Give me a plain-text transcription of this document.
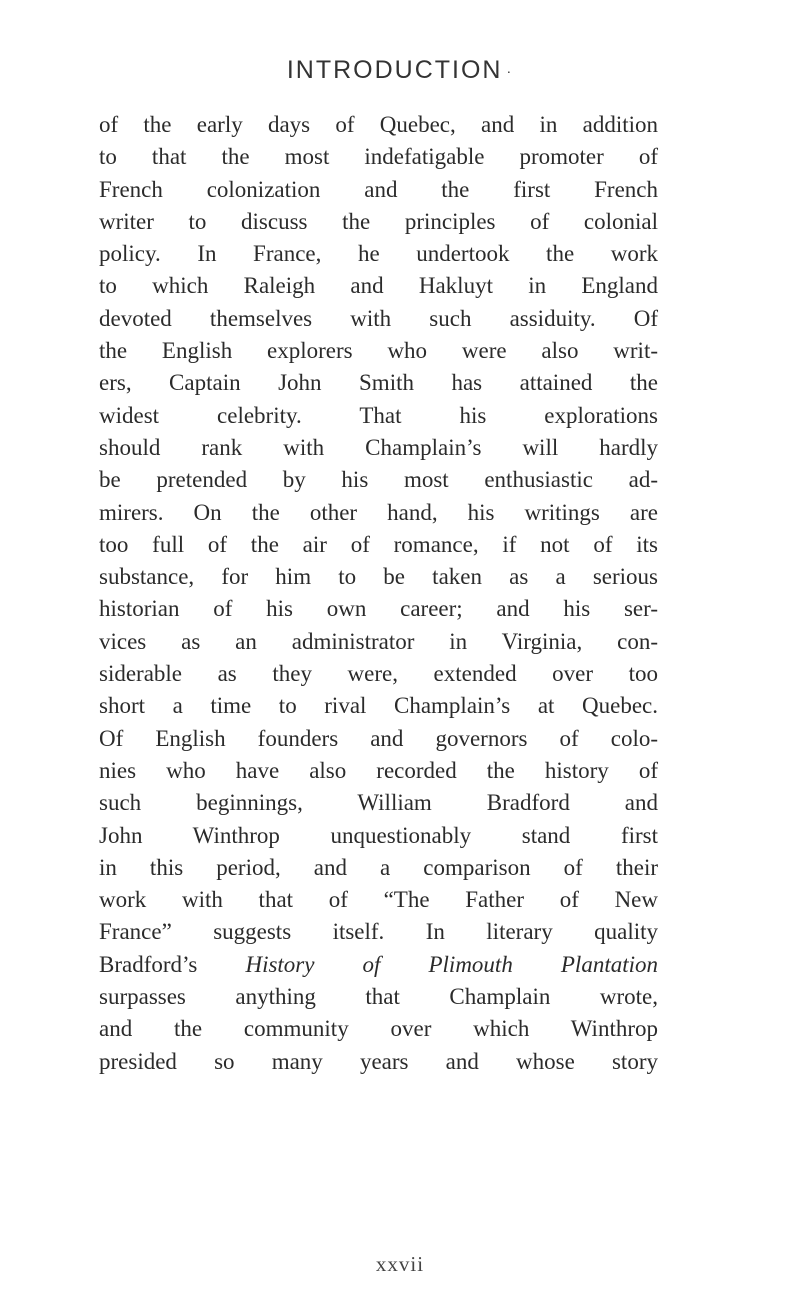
INTRODUCTION ·
of the early days of Quebec, and in addition
to that the most indefatigable promoter of
French colonization and the first French
writer to discuss the principles of colonial
policy. In France, he undertook the work
to which Raleigh and Hakluyt in England
devoted themselves with such assiduity. Of
the English explorers who were also writ-
ers, Captain John Smith has attained the
widest celebrity. That his explorations
should rank with Champlain’s will hardly
be pretended by his most enthusiastic ad-
mirers. On the other hand, his writings are
too full of the air of romance, if not of its
substance, for him to be taken as a serious
historian of his own career; and his ser-
vices as an administrator in Virginia, con-
siderable as they were, extended over too
short a time to rival Champlain’s at Quebec.
Of English founders and governors of colo-
nies who have also recorded the history of
such beginnings, William Bradford and
John Winthrop unquestionably stand first
in this period, and a comparison of their
work with that of “The Father of New
France” suggests itself. In literary quality
Bradford’s History of Plimouth Plantation
surpasses anything that Champlain wrote,
and the community over which Winthrop
presided so many years and whose story
xxvii
